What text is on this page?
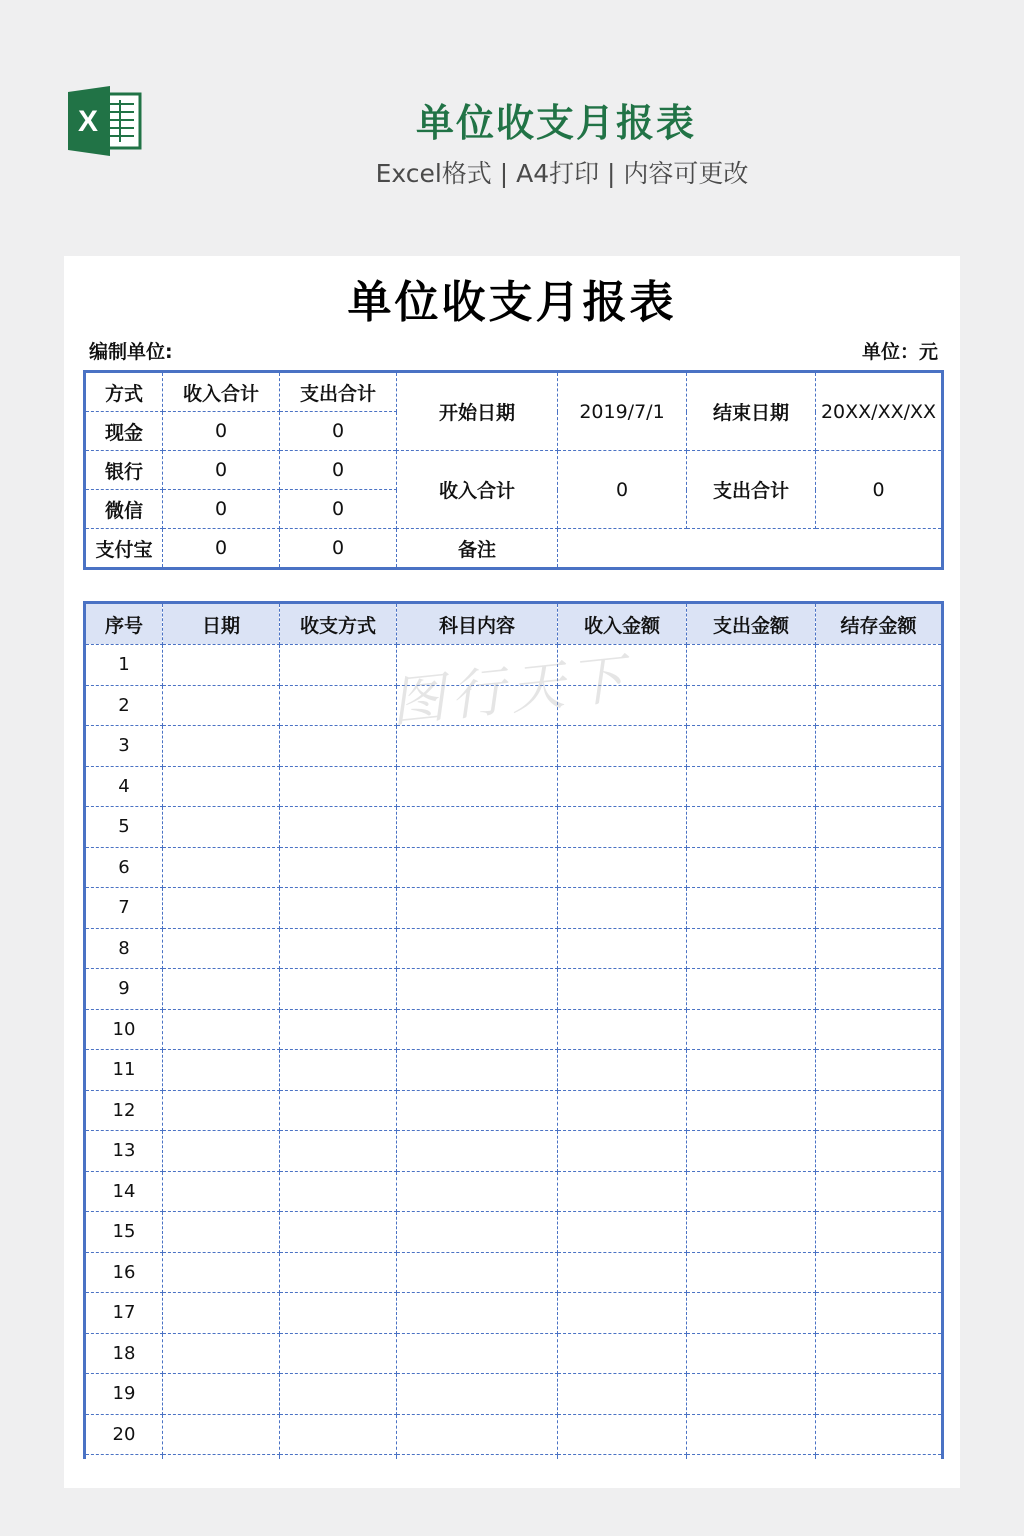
X	单位收支月报表
Excel格式 | A4打印 | 内容可更改
单位收支月报表
编制单位:	单位：元
方式	收入合计	支出合计	开始日期	2019/7/1	结束日期	20XX/XX/XX
现金	0	0				
银行	0	0	收入合计	0	支出合计	0
微信	0	0				
支付宝	0	0	备注			
序号	日期	收支方式	科目内容	收入金额	支出金额	结存金额
1						
2						
3						
4						
5						
6						
7						
8						
9						
10						
11						
12						
13						
14						
15						
16						
17						
18						
19						
20						

图行天下
